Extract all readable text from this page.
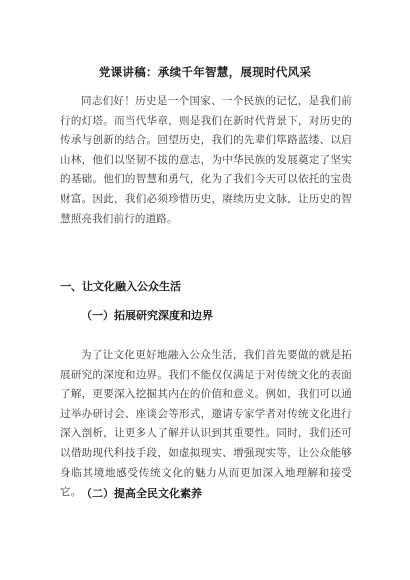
党课讲稿：承续千年智慧，展现时代风采

同志们好！历史是一个国家、一个民族的记忆，是我们前行的灯塔。而当代华章，则是我们在新时代背景下，对历史的传承与创新的结合。回望历史，我们的先辈们筚路蓝缕、以启山林，他们以坚韧不拔的意志，为中华民族的发展奠定了坚实的基础。他们的智慧和勇气，化为了我们今天可以依托的宝贵财富。因此，我们必须珍惜历史，赓续历史文脉，让历史的智慧照亮我们前行的道路。

一、让文化融入公众生活
（一）拓展研究深度和边界

为了让文化更好地融入公众生活，我们首先要做的就是拓展研究的深度和边界。我们不能仅仅满足于对传统文化的表面了解，更要深入挖掘其内在的价值和意义。例如，我们可以通过举办研讨会、座谈会等形式，邀请专家学者对传统文化进行深入剖析，让更多人了解并认识到其重要性。同时，我们还可以借助现代科技手段，如虚拟现实、增强现实等，让公众能够身临其境地感受传统文化的魅力从而更加深入地理解和接受它。 （二）提高全民文化素养
